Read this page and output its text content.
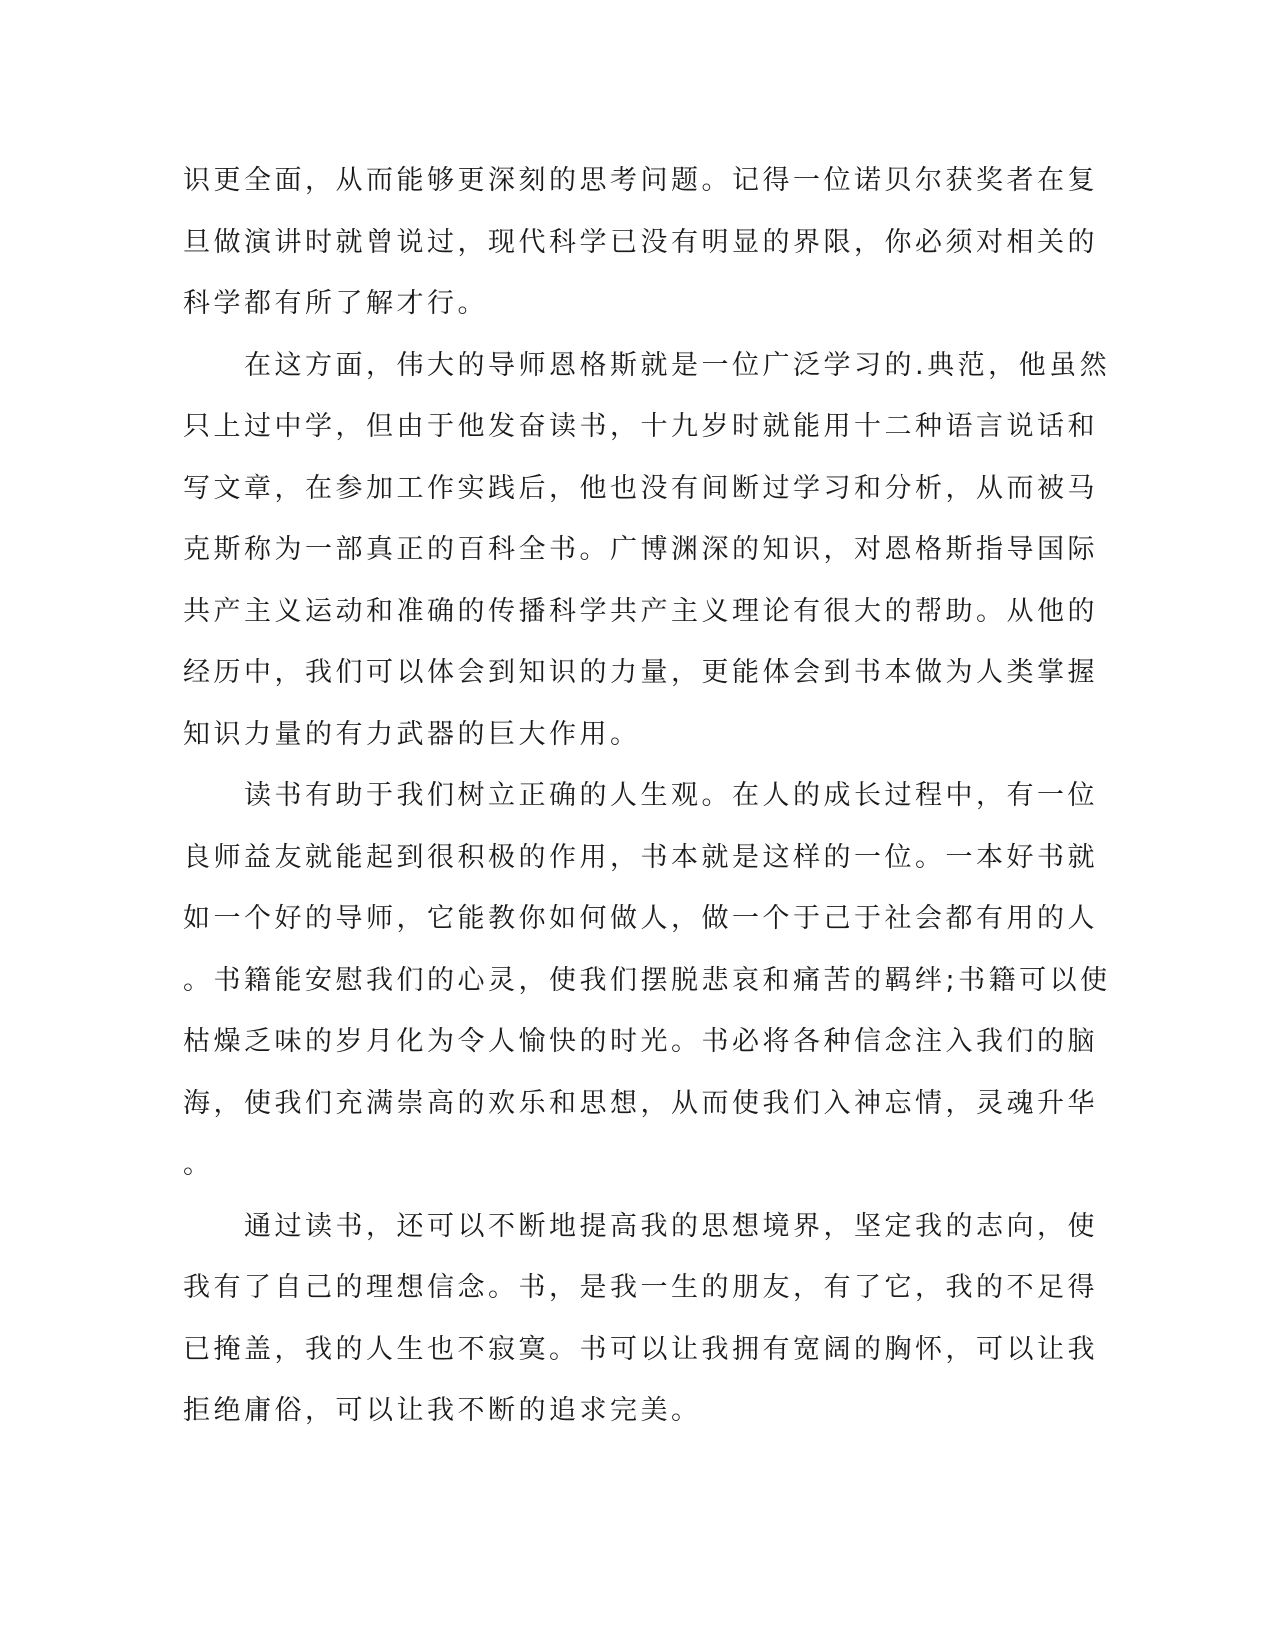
识更全面，从而能够更深刻的思考问题。记得一位诺贝尔获奖者在复
旦做演讲时就曾说过，现代科学已没有明显的界限，你必须对相关的
科学都有所了解才行。
　　在这方面，伟大的导师恩格斯就是一位广泛学习的.典范，他虽然
只上过中学，但由于他发奋读书，十九岁时就能用十二种语言说话和
写文章，在参加工作实践后，他也没有间断过学习和分析，从而被马
克斯称为一部真正的百科全书。广博渊深的知识，对恩格斯指导国际
共产主义运动和准确的传播科学共产主义理论有很大的帮助。从他的
经历中，我们可以体会到知识的力量，更能体会到书本做为人类掌握
知识力量的有力武器的巨大作用。
　　读书有助于我们树立正确的人生观。在人的成长过程中，有一位
良师益友就能起到很积极的作用，书本就是这样的一位。一本好书就
如一个好的导师，它能教你如何做人，做一个于己于社会都有用的人
。书籍能安慰我们的心灵，使我们摆脱悲哀和痛苦的羁绊;书籍可以使
枯燥乏味的岁月化为令人愉快的时光。书必将各种信念注入我们的脑
海，使我们充满崇高的欢乐和思想，从而使我们入神忘情，灵魂升华
。
　　通过读书，还可以不断地提高我的思想境界，坚定我的志向，使
我有了自己的理想信念。书，是我一生的朋友，有了它，我的不足得
已掩盖，我的人生也不寂寞。书可以让我拥有宽阔的胸怀，可以让我
拒绝庸俗，可以让我不断的追求完美。
